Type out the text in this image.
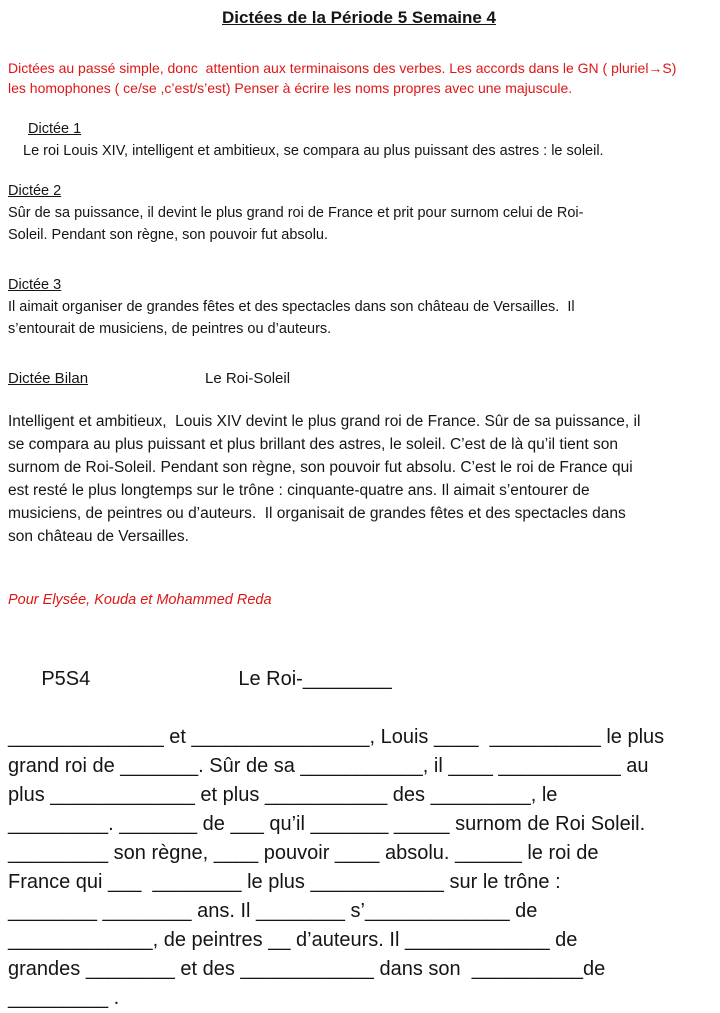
Dictées de la Période 5 Semaine 4
Dictées au passé simple, donc  attention aux terminaisons des verbes. Les accords dans le GN ( pluriel→S)
les homophones ( ce/se ,c’est/s’est) Penser à écrire les noms propres avec une majuscule.
Dictée 1
Le roi Louis XIV, intelligent et ambitieux, se compara au plus puissant des astres : le soleil.
Dictée 2
Sûr de sa puissance, il devint le plus grand roi de France et prit pour surnom celui de Roi-
Soleil. Pendant son règne, son pouvoir fut absolu.
Dictée 3
Il aimait organiser de grandes fêtes et des spectacles dans son château de Versailles.  Il
s’entourait de musiciens, de peintres ou d’auteurs.
Dictée Bilan	Le Roi-Soleil
Intelligent et ambitieux,  Louis XIV devint le plus grand roi de France. Sûr de sa puissance, il
se compara au plus puissant et plus brillant des astres, le soleil. C’est de là qu’il tient son
surnom de Roi-Soleil. Pendant son règne, son pouvoir fut absolu. C’est le roi de France qui
est resté le plus longtemps sur le trône : cinquante-quatre ans. Il aimait s’entourer de
musiciens, de peintres ou d’auteurs.  Il organisait de grandes fêtes et des spectacles dans
son château de Versailles.
Pour Elysée, Kouda et Mohammed Reda

P5S4	Le Roi-________

______________ et ________________, Louis ____  __________ le plus
grand roi de _______. Sûr de sa ___________, il ____ ___________ au
plus _____________ et plus ___________ des _________, le
_________. _______ de ___ qu’il _______ _____ surnom de Roi Soleil.
_________ son règne, ____ pouvoir ____ absolu. ______ le roi de
France qui ___  ________ le plus ____________ sur le trône :
________ ________ ans. Il ________ s’_____________ de
_____________, de peintres __ d’auteurs. Il _____________ de
grandes ________ et des ____________ dans son  __________de
_________ .
